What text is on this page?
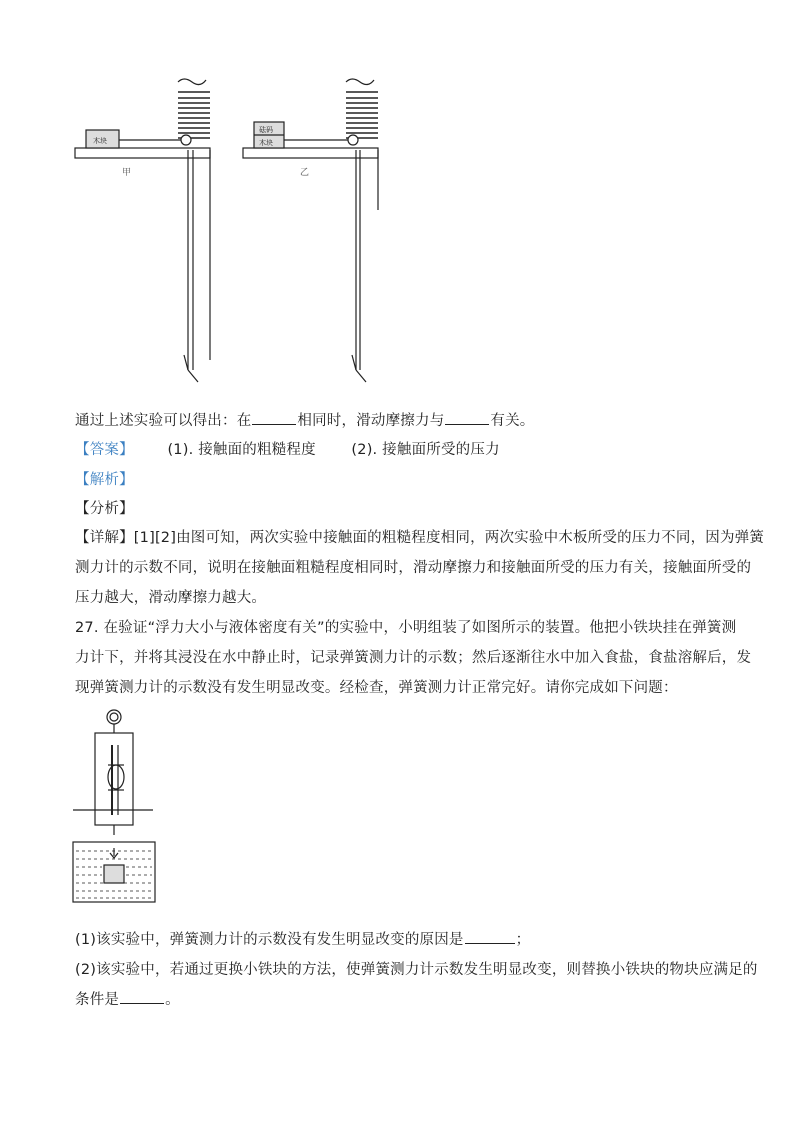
木块
砝码
木块
甲	乙
通过上述实验可以得出：在	相同时，滑动摩擦力与	有关。
【答案】 (1). 接触面的粗糙程度 (2). 接触面所受的压力
【解析】
【分析】
【详解】[1][2]由图可知，两次实验中接触面的粗糙程度相同，两次实验中木板所受的压力不同，因为弹簧
测力计的示数不同，说明在接触面粗糙程度相同时，滑动摩擦力和接触面所受的压力有关，接触面所受的
压力越大，滑动摩擦力越大。
27. 在验证“浮力大小与液体密度有关”的实验中，小明组装了如图所示的装置。他把小铁块挂在弹簧测
力计下，并将其浸没在水中静止时，记录弹簧测力计的示数；然后逐渐往水中加入食盐，食盐溶解后，发
现弹簧测力计的示数没有发生明显改变。经检查，弹簧测力计正常完好。请你完成如下问题：
(1)该实验中，弹簧测力计的示数没有发生明显改变的原因是	；
(2)该实验中，若通过更换小铁块的方法，使弹簧测力计示数发生明显改变，则替换小铁块的物块应满足的
条件是	。
